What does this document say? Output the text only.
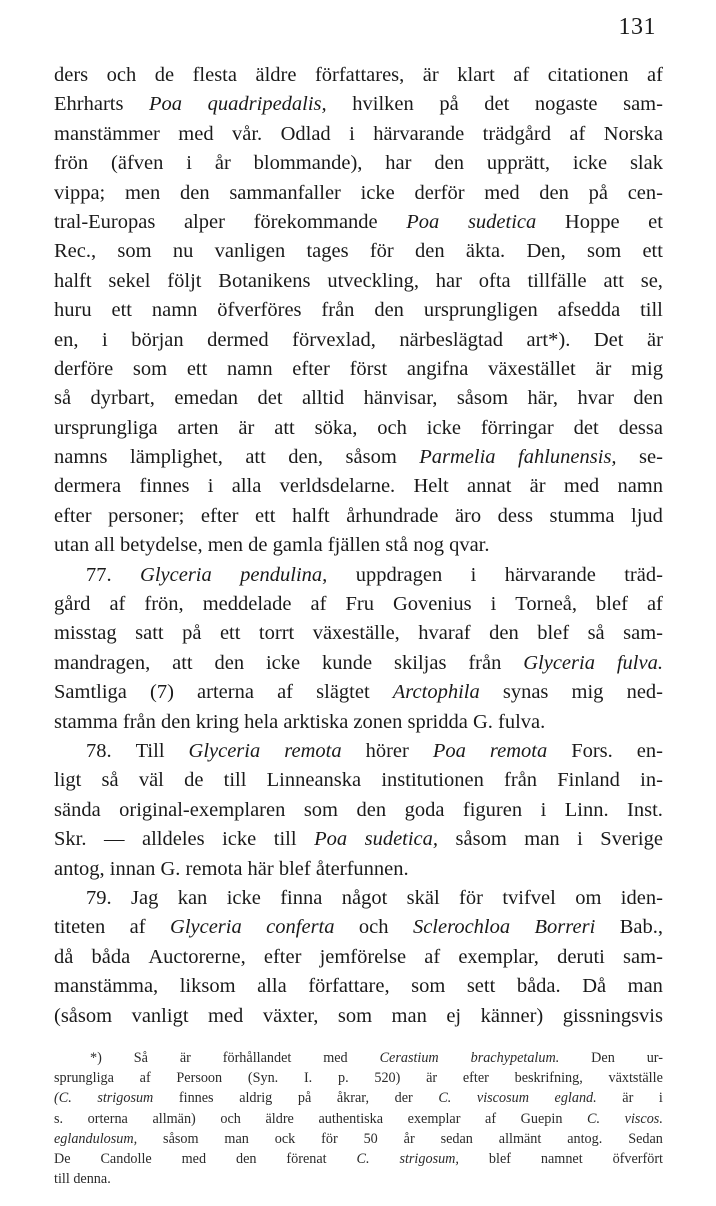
131
ders och de flesta äldre författares, är klart af citationen af
Ehrharts Poa quadripedalis, hvilken på det nogaste sam-
manstämmer med vår. Odlad i härvarande trädgård af Norska
frön (äfven i år blommande), har den upprätt, icke slak
vippa; men den sammanfaller icke derför med den på cen-
tral-Europas alper förekommande Poa sudetica Hoppe et
Rec., som nu vanligen tages för den äkta. Den, som ett
halft sekel följt Botanikens utveckling, har ofta tillfälle att se,
huru ett namn öfverföres från den ursprungligen afsedda till
en, i början dermed förvexlad, närbeslägtad art*). Det är
derföre som ett namn efter först angifna växestället är mig
så dyrbart, emedan det alltid hänvisar, såsom här, hvar den
ursprungliga arten är att söka, och icke förringar det dessa
namns lämplighet, att den, såsom Parmelia fahlunensis, se-
dermera finnes i alla verldsdelarne. Helt annat är med namn
efter personer; efter ett halft århundrade äro dess stumma ljud
utan all betydelse, men de gamla fjällen stå nog qvar.
77. Glyceria pendulina, uppdragen i härvarande träd-
gård af frön, meddelade af Fru Govenius i Torneå, blef af
misstag satt på ett torrt växeställe, hvaraf den blef så sam-
mandragen, att den icke kunde skiljas från Glyceria fulva.
Samtliga (7) arterna af slägtet Arctophila synas mig ned-
stamma från den kring hela arktiska zonen spridda G. fulva.
78. Till Glyceria remota hörer Poa remota Fors. en-
ligt så väl de till Linneanska institutionen från Finland in-
sända original-exemplaren som den goda figuren i Linn. Inst.
Skr. — alldeles icke till Poa sudetica, såsom man i Sverige
antog, innan G. remota här blef återfunnen.
79. Jag kan icke finna något skäl för tvifvel om iden-
titeten af Glyceria conferta och Sclerochloa Borreri Bab.,
då båda Auctorerne, efter jemförelse af exemplar, deruti sam-
manstämma, liksom alla författare, som sett båda. Då man
(såsom vanligt med växter, som man ej känner) gissningsvis
*) Så är förhållandet med Cerastium brachypetalum. Den ur-
sprungliga af Persoon (Syn. I. p. 520) är efter beskrifning, växtställe
(C. strigosum finnes aldrig på åkrar, der C. viscosum egland. är i
s. orterna allmän) och äldre authentiska exemplar af Guepin C. viscos.
eglandulosum, såsom man ock för 50 år sedan allmänt antog. Sedan
De Candolle med den förenat C. strigosum, blef namnet öfverfört
till denna.
